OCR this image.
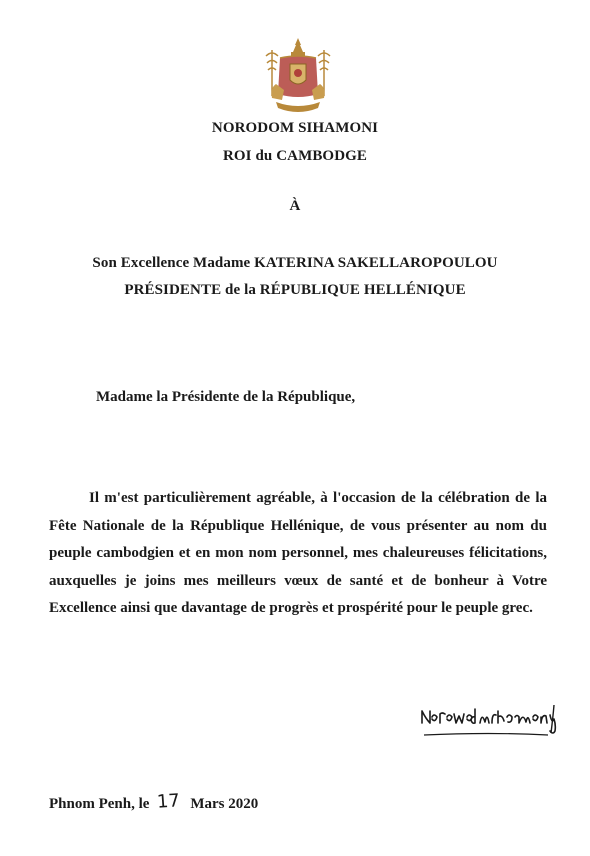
NORODOM SIHAMONI
ROI du CAMBODGE
À
Son Excellence Madame KATERINA SAKELLAROPOULOU
PRÉSIDENTE de la RÉPUBLIQUE HELLÉNIQUE
Madame la Présidente de la République,
Il m'est particulièrement agréable, à l'occasion de la célébration de la Fête Nationale de la République Hellénique, de vous présenter au nom du peuple cambodgien et en mon nom personnel, mes chaleureuses félicitations, auxquelles je joins mes meilleurs vœux de santé et de bonheur à Votre Excellence ainsi que davantage de progrès et prospérité pour le peuple grec.
Phnom Penh, le 17 Mars 2020
